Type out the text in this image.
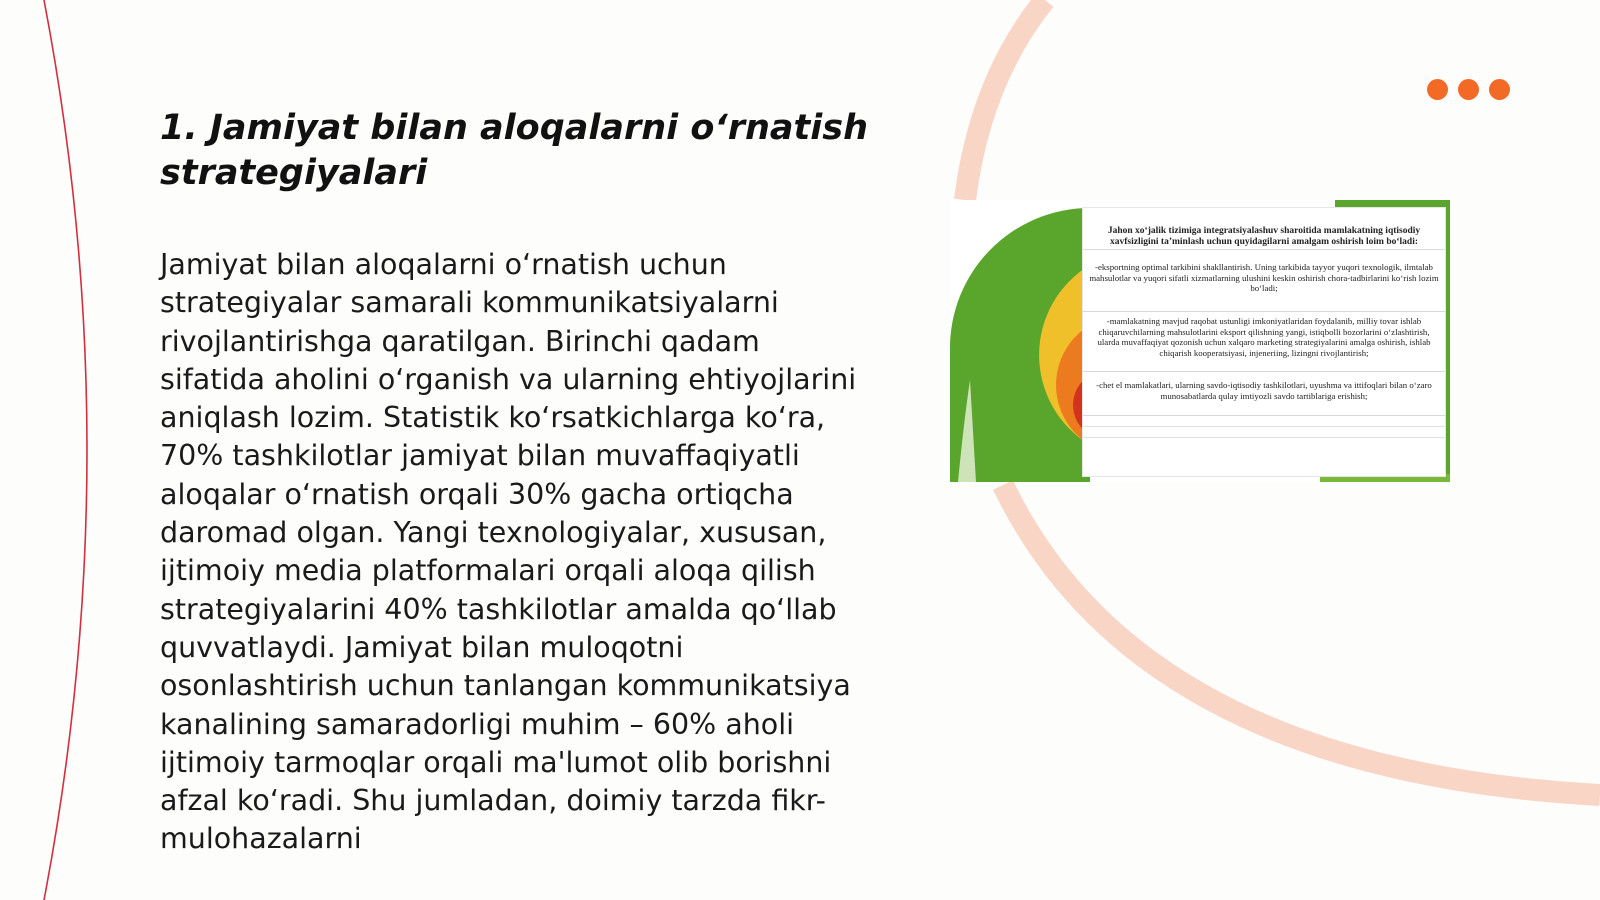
1. Jamiyat bilan aloqalarni o‘rnatish strategiyalari

Jamiyat bilan aloqalarni o‘rnatish uchun strategiyalar samarali kommunikatsiyalarni rivojlantirishga qaratilgan. Birinchi qadam sifatida aholini o‘rganish va ularning ehtiyojlarini aniqlash lozim. Statistik ko‘rsatkichlarga ko‘ra, 70% tashkilotlar jamiyat bilan muvaffaqiyatli aloqalar o‘rnatish orqali 30% gacha ortiqcha daromad olgan. Yangi texnologiyalar, xususan, ijtimoiy media platformalari orqali aloqa qilish strategiyalarini 40% tashkilotlar amalda qo‘llab quvvatlaydi. Jamiyat bilan muloqotni osonlashtirish uchun tanlangan kommunikatsiya kanalining samaradorligi muhim – 60% aholi ijtimoiy tarmoqlar orqali ma'lumot olib borishni afzal ko‘radi. Shu jumladan, doimiy tarzda fikr-mulohazalarni

Jahon xo‘jalik tizimiga integratsiyalashuv sharoitida mamlakatning iqtisodiy xavfsizligini ta’minlash uchun quyidagilarni amalgam oshirish loim bo‘ladi:
-eksportning optimal tarkibini shakllantirish. Uning tarkibida tayyor yuqori texnologik, ilmtalab mahsulotlar va yuqori sifatli xizmatlarning ulushini keskin oshirish chora-tadbirlarini ko‘rish lozim bo‘ladi;
-mamlakatning mavjud raqobat ustunligi imkoniyatlaridan foydalanib, milliy tovar ishlab chiqaruvchilarning mahsulotlarini eksport qilishning yangi, istiqbolli bozorlarini o‘zlashtirish, ularda muvaffaqiyat qozonish uchun xalqaro marketing strategiyalarini amalga oshirish, ishlab chiqarish kooperatsiyasi, injeneriing, lizingni rivojlantirish;
-chet el mamlakatlari, ularning savdo-iqtisodiy tashkilotlari, uyushma va ittifoqlari bilan o‘zaro munosabatlarda qulay imtiyozli savdo tartiblariga erishish;
